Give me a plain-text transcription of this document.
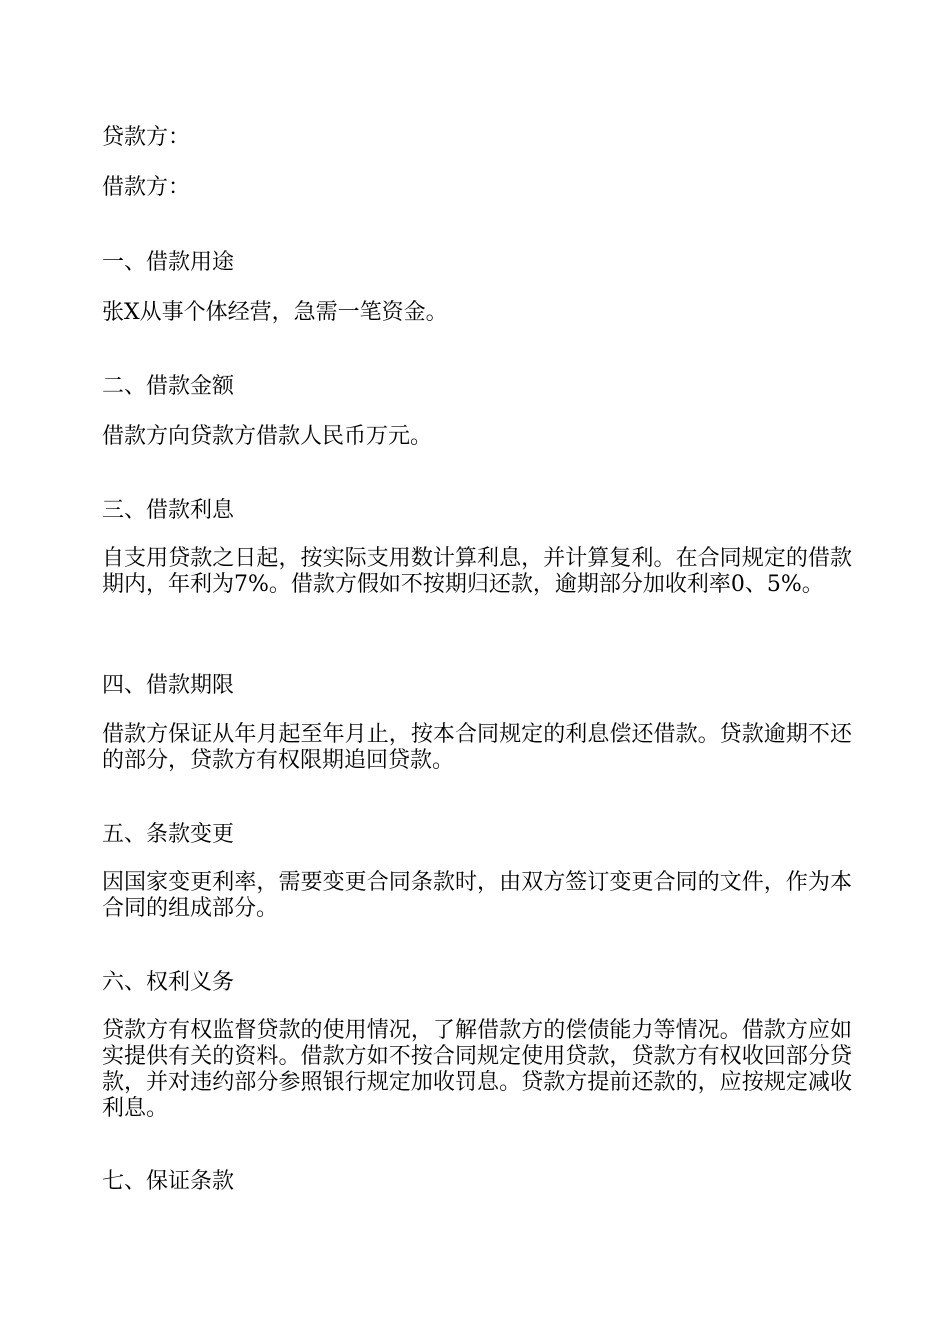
贷款方：

借款方：

一、借款用途

张X从事个体经营，急需一笔资金。

二、借款金额

借款方向贷款方借款人民币万元。

三、借款利息

自支用贷款之日起，按实际支用数计算利息，并计算复利。在合同规定的借款期内，年利为7%。借款方假如不按期归还款，逾期部分加收利率0、5%。

四、借款期限

借款方保证从年月起至年月止，按本合同规定的利息偿还借款。贷款逾期不还的部分，贷款方有权限期追回贷款。

五、条款变更

因国家变更利率，需要变更合同条款时，由双方签订变更合同的文件，作为本合同的组成部分。

六、权利义务

贷款方有权监督贷款的使用情况，了解借款方的偿债能力等情况。借款方应如实提供有关的资料。借款方如不按合同规定使用贷款，贷款方有权收回部分贷款，并对违约部分参照银行规定加收罚息。贷款方提前还款的，应按规定减收利息。

七、保证条款
